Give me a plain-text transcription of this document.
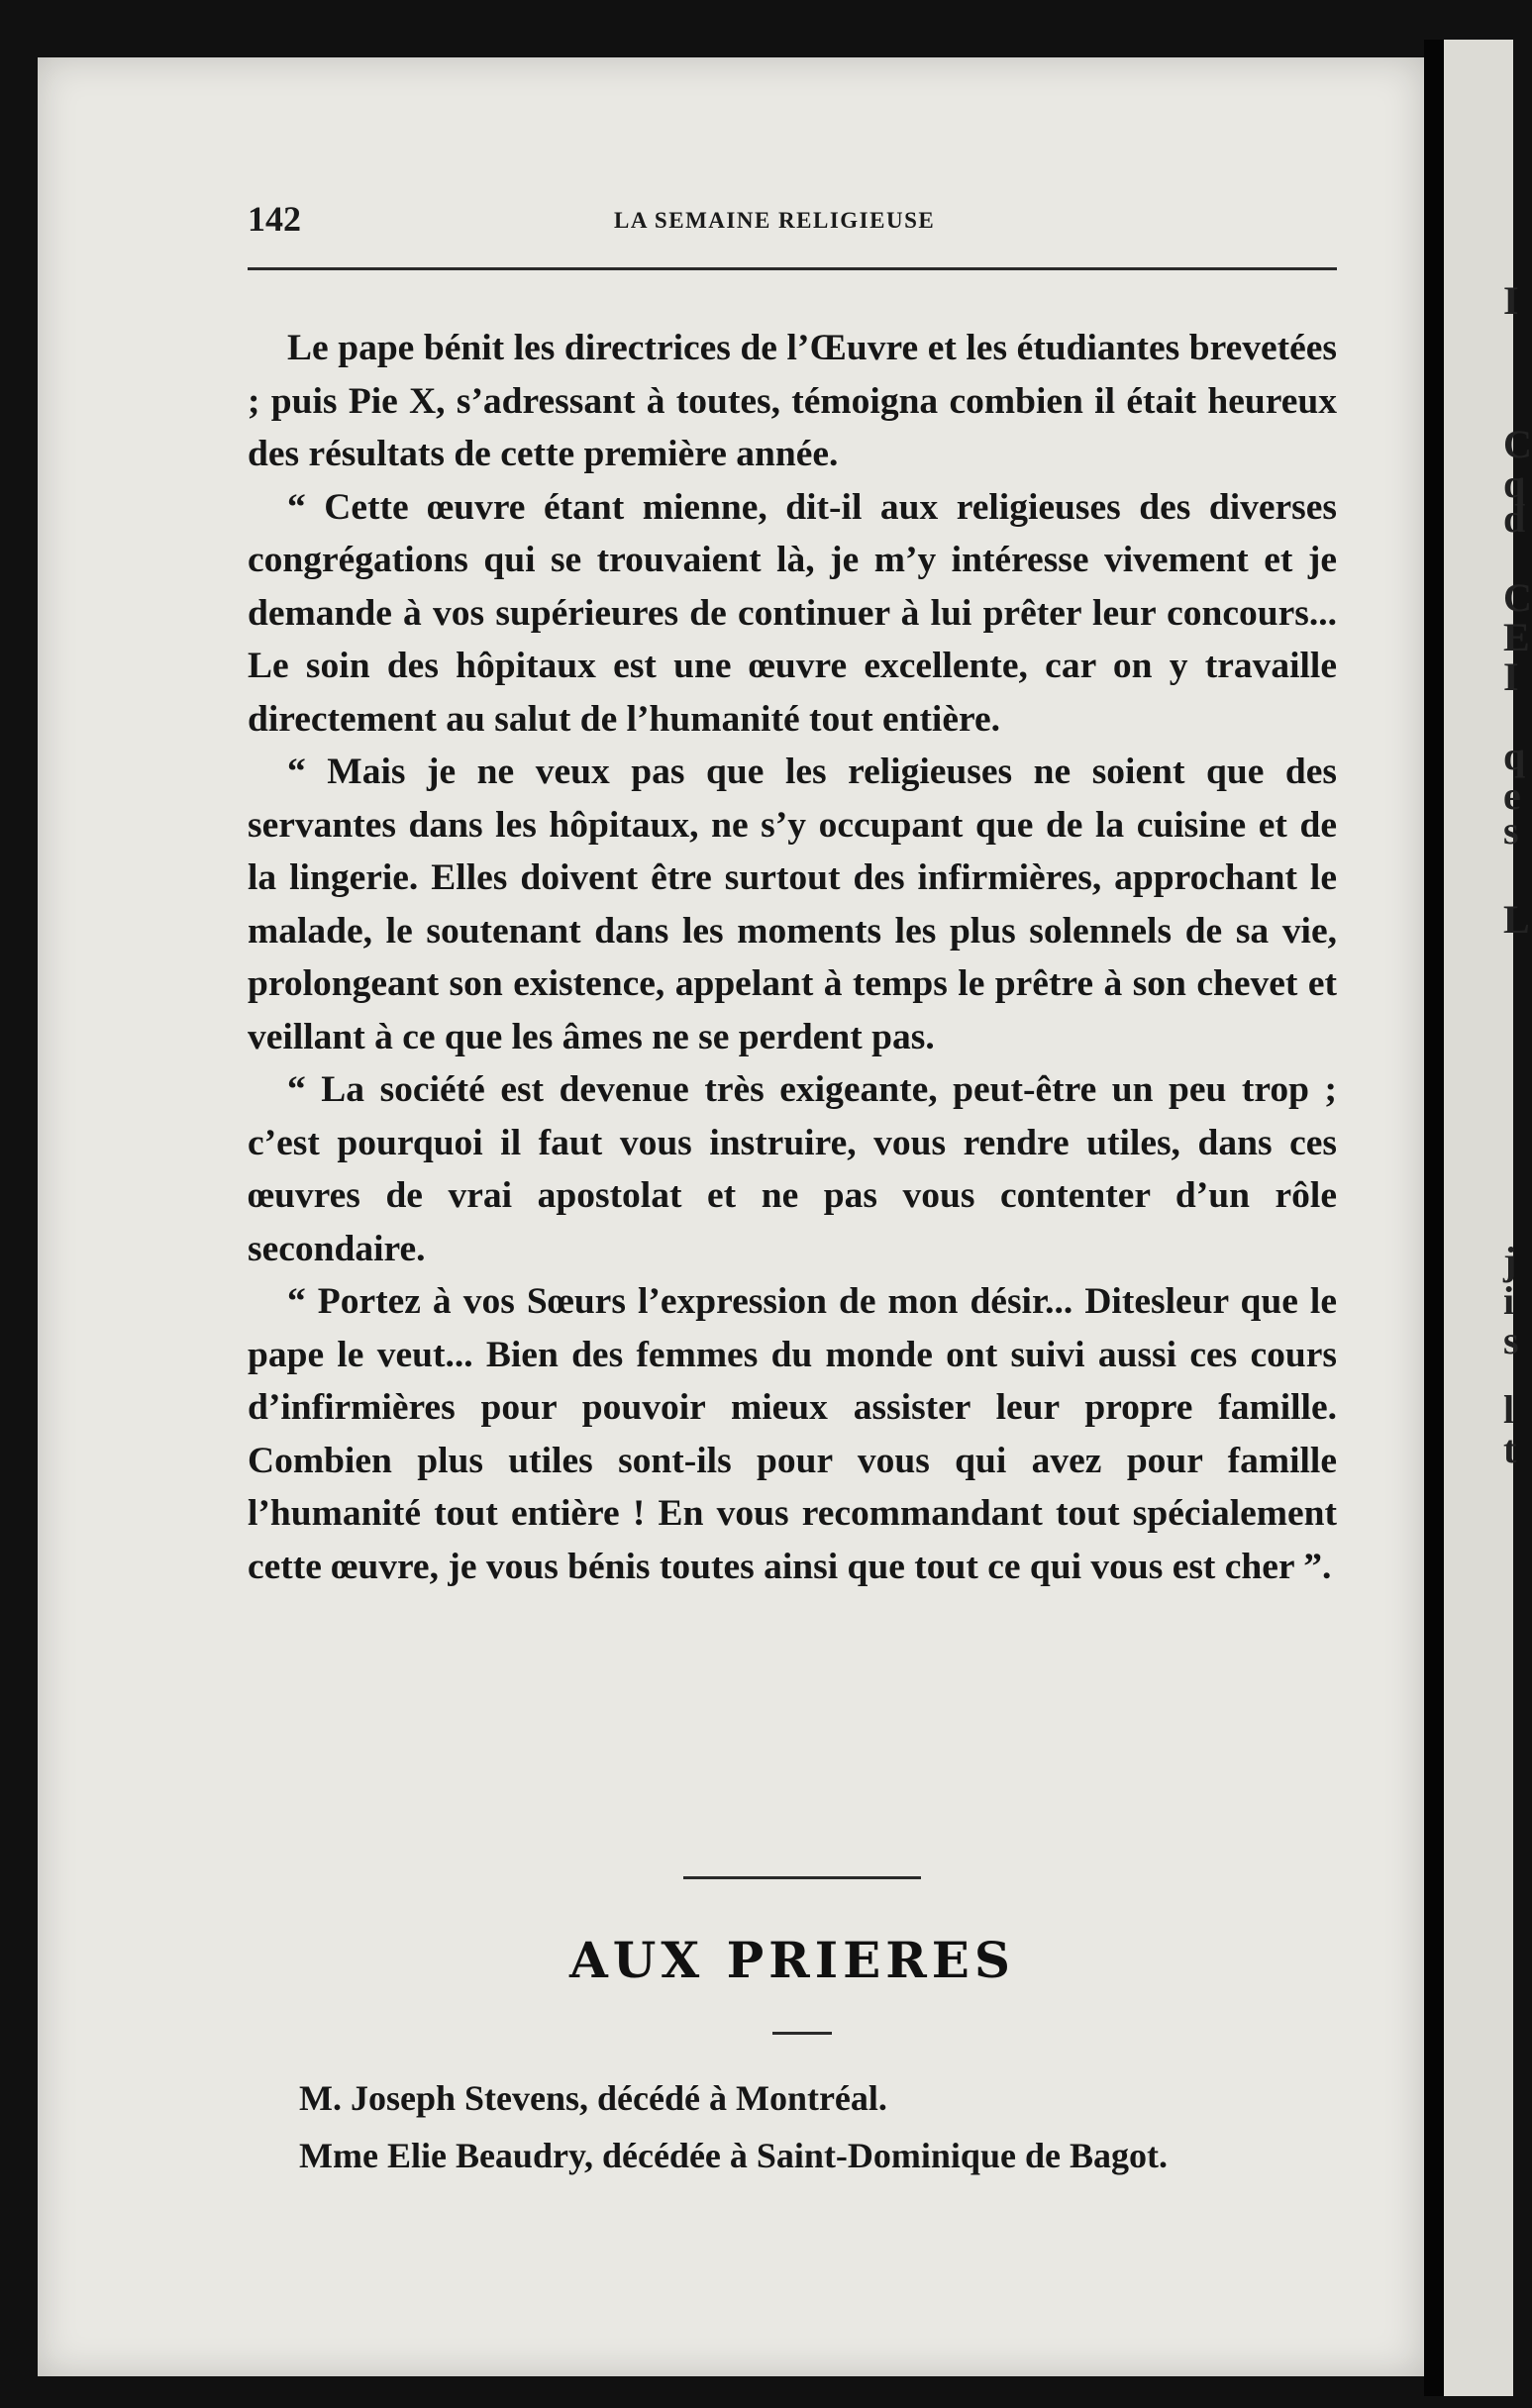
I
C
q
d
C
E
I
q
e
s
L
j
i
s
l
t
142	LA SEMAINE RELIGIEUSE

Le pape bénit les directrices de l’Œuvre et les étudiantes brevetées ; puis Pie X, s’adressant à toutes, témoigna combien il était heureux des résultats de cette première année.

“ Cette œuvre étant mienne, dit-il aux religieuses des diverses congrégations qui se trouvaient là, je m’y intéresse vivement et je demande à vos supérieures de continuer à lui prêter leur concours... Le soin des hôpitaux est une œuvre excellente, car on y travaille directement au salut de l’humanité tout entière.

“ Mais je ne veux pas que les religieuses ne soient que des servantes dans les hôpitaux, ne s’y occupant que de la cuisine et de la lingerie. Elles doivent être surtout des infirmières, approchant le malade, le soutenant dans les moments les plus solennels de sa vie, prolongeant son existence, appelant à temps le prêtre à son chevet et veillant à ce que les âmes ne se perdent pas.

“ La société est devenue très exigeante, peut-être un peu trop ; c’est pourquoi il faut vous instruire, vous rendre utiles, dans ces œuvres de vrai apostolat et ne pas vous contenter d’un rôle secondaire.

“ Portez à vos Sœurs l’expression de mon désir... Ditesleur que le pape le veut... Bien des femmes du monde ont suivi aussi ces cours d’infirmières pour pouvoir mieux assister leur propre famille. Combien plus utiles sont-ils pour vous qui avez pour famille l’humanité tout entière ! En vous recommandant tout spécialement cette œuvre, je vous bénis toutes ainsi que tout ce qui vous est cher ”.

AUX PRIERES
M. Joseph Stevens, décédé à Montréal.
Mme Elie Beaudry, décédée à Saint-Dominique de Bagot.
